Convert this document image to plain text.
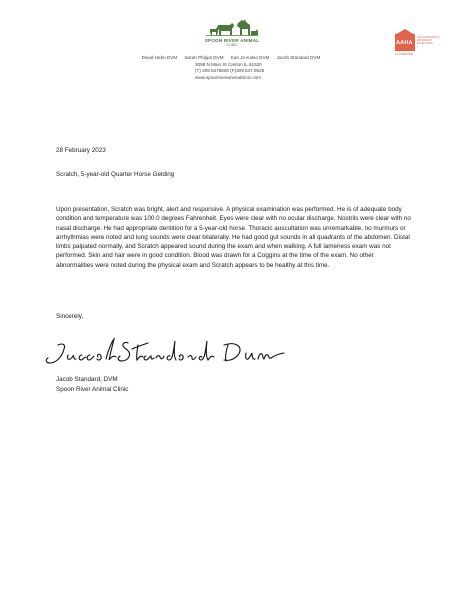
SPOON RIVER ANIMAL
CLINIC	AAHA
ACCREDITED
THE STANDARD OF VETERINARY EXCELLENCE
David Hahn DVM Sarah Phipps DVM Kari Jo Kalso DVM Jacob Standard DVM
3098 N Main St Canton IL 61520
(T) 309.6476800 (F)309.647.9525
www.spoonriveranimalclinic.com
28 February 2023
Scratch, 5-year-old Quarter Horse Gelding
Upon presentation, Scratch was bright, alert and responsive. A physical examination was performed. He is of adequate body condition and temperature was 100.0 degrees Fahrenheit. Eyes were clear with no ocular discharge. Nostrils were clear with no nasal discharge. He had appropriate dentition for a 5-year-old horse. Thoracic auscultation was unremarkable, no murmurs or arrhythmias were noted and lung sounds were clear bilaterally. He had good gut sounds in all quadrants of the abdomen. Distal limbs palpated normally, and Scratch appeared sound during the exam and when walking. A full lameness exam was not performed. Skin and hair were in good condition. Blood was drawn for a Coggins at the time of the exam. No other abnormalities were noted during the physical exam and Scratch appears to be healthy at this time.
Sincerely,
Jacob Standard, DVM
Spoon River Animal Clinic
